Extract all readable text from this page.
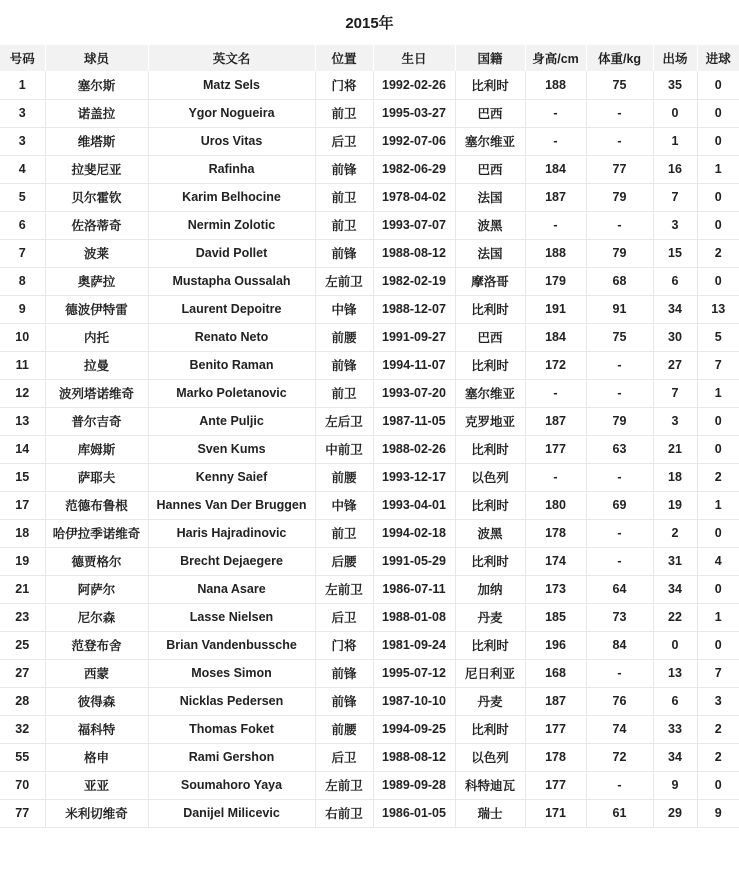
2015年
号码	球员	英文名	位置	生日	国籍	身高/cm	体重/kg	出场	进球
1	塞尔斯	Matz Sels	门将	1992-02-26	比利时	188	75	35	0
3	诺盖拉	Ygor Nogueira	前卫	1995-03-27	巴西	-	-	0	0
3	维塔斯	Uros Vitas	后卫	1992-07-06	塞尔维亚	-	-	1	0
4	拉斐尼亚	Rafinha	前锋	1982-06-29	巴西	184	77	16	1
5	贝尔霍钦	Karim Belhocine	前卫	1978-04-02	法国	187	79	7	0
6	佐洛蒂奇	Nermin Zolotic	前卫	1993-07-07	波黑	-	-	3	0
7	波莱	David Pollet	前锋	1988-08-12	法国	188	79	15	2
8	奥萨拉	Mustapha Oussalah	左前卫	1982-02-19	摩洛哥	179	68	6	0
9	德波伊特雷	Laurent Depoitre	中锋	1988-12-07	比利时	191	91	34	13
10	内托	Renato Neto	前腰	1991-09-27	巴西	184	75	30	5
11	拉曼	Benito Raman	前锋	1994-11-07	比利时	172	-	27	7
12	波列塔诺维奇	Marko Poletanovic	前卫	1993-07-20	塞尔维亚	-	-	7	1
13	普尔吉奇	Ante Puljic	左后卫	1987-11-05	克罗地亚	187	79	3	0
14	库姆斯	Sven Kums	中前卫	1988-02-26	比利时	177	63	21	0
15	萨耶夫	Kenny Saief	前腰	1993-12-17	以色列	-	-	18	2
17	范德布鲁根	Hannes Van Der Bruggen	中锋	1993-04-01	比利时	180	69	19	1
18	哈伊拉季诺维奇	Haris Hajradinovic	前卫	1994-02-18	波黑	178	-	2	0
19	德贾格尔	Brecht Dejaegere	后腰	1991-05-29	比利时	174	-	31	4
21	阿萨尔	Nana Asare	左前卫	1986-07-11	加纳	173	64	34	0
23	尼尔森	Lasse Nielsen	后卫	1988-01-08	丹麦	185	73	22	1
25	范登布舍	Brian Vandenbussche	门将	1981-09-24	比利时	196	84	0	0
27	西蒙	Moses Simon	前锋	1995-07-12	尼日利亚	168	-	13	7
28	彼得森	Nicklas Pedersen	前锋	1987-10-10	丹麦	187	76	6	3
32	福科特	Thomas Foket	前腰	1994-09-25	比利时	177	74	33	2
55	格申	Rami Gershon	后卫	1988-08-12	以色列	178	72	34	2
70	亚亚	Soumahoro Yaya	左前卫	1989-09-28	科特迪瓦	177	-	9	0
77	米利切维奇	Danijel Milicevic	右前卫	1986-01-05	瑞士	171	61	29	9
